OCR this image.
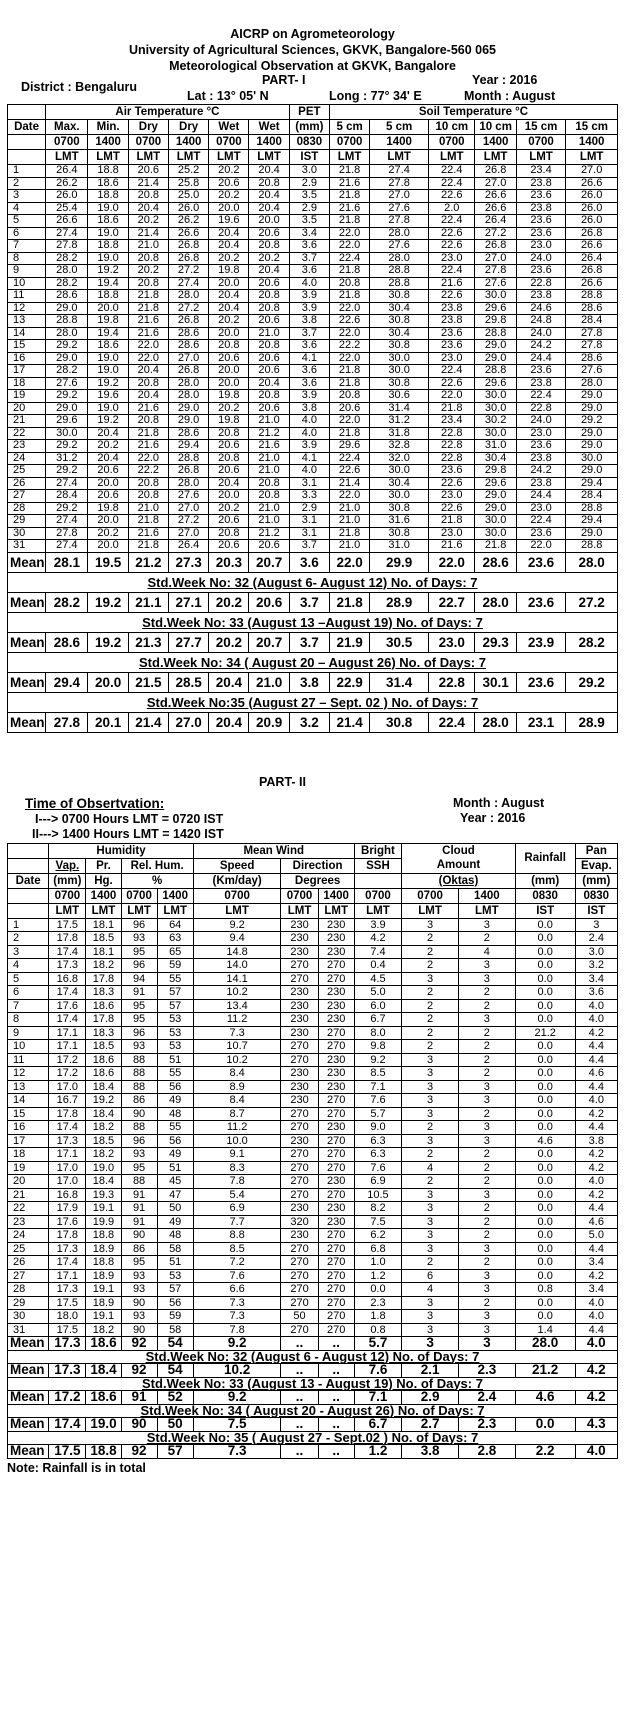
AICRP on Agrometeorology
University of Agricultural Sciences, GKVK, Bangalore-560 065
Meteorological Observation at GKVK, Bangalore
District : Bengaluru	PART- I	Year : 2016
Lat : 13° 05' N	Long : 77° 34' E	Month : August
	Air Temperature °C						PET	Soil Temperature °C					
Date	Max.	Min.	Dry	Dry	Wet	Wet	(mm)	5 cm	5 cm	10 cm	10 cm	15 cm	15 cm
	0700	1400	0700	1400	0700	1400	0830	0700	1400	0700	1400	0700	1400
	LMT	LMT	LMT	LMT	LMT	LMT	IST	LMT	LMT	LMT	LMT	LMT	LMT
1	26.4	18.8	20.6	25.2	20.2	20.4	3.0	21.8	27.4	22.4	26.8	23.4	27.0
2	26.2	18.6	21.4	25.8	20.6	20.8	2.9	21.6	27.8	22.4	27.0	23.8	26.6
3	26.0	18.8	20.8	25.0	20.2	20.4	3.5	21.8	27.0	22.6	26.6	23.6	26.0
4	25.4	19.0	20.4	26.0	20.0	20.4	2.9	21.6	27.6	2.0	26.6	23.8	26.0
5	26.6	18.6	20.2	26.2	19.6	20.0	3.5	21.8	27.8	22.4	26.4	23.6	26.0
6	27.4	19.0	21.4	26.6	20.4	20.6	3.4	22.0	28.0	22.6	27.2	23.6	26.8
7	27.8	18.8	21.0	26.8	20.4	20.8	3.6	22.0	27.6	22.6	26.8	23.0	26.6
8	28.2	19.0	20.8	26.8	20.2	20.2	3.7	22.4	28.0	23.0	27.0	24.0	26.4
9	28.0	19.2	20.2	27.2	19.8	20.4	3.6	21.8	28.8	22.4	27.8	23.6	26.8
10	28.2	19.4	20.8	27.4	20.0	20.6	4.0	20.8	28.8	21.6	27.6	22.8	26.6
11	28.6	18.8	21.8	28.0	20.4	20.8	3.9	21.8	30.8	22.6	30.0	23.8	28.8
12	29.0	20.0	21.8	27.2	20.4	20.8	3.9	22.0	30.4	23.8	29.6	24.6	28.6
13	28.8	19.8	21.6	26.8	20.2	20.6	3.8	22.6	30.8	23.8	29.8	24.8	28.4
14	28.0	19.4	21.6	28.6	20.0	21.0	3.7	22.0	30.4	23.6	28.8	24.0	27.8
15	29.2	18.6	22.0	28.6	20.8	20.8	3.6	22.2	30.8	23.6	29.0	24.2	27.8
16	29.0	19.0	22.0	27.0	20.6	20.6	4.1	22.0	30.0	23.0	29.0	24.4	28.6
17	28.2	19.0	20.4	26.8	20.0	20.6	3.6	21.8	30.0	22.4	28.8	23.6	27.6
18	27.6	19.2	20.8	28.0	20.0	20.4	3.6	21.8	30.8	22.6	29.6	23.8	28.0
19	29.2	19.6	20.4	28.0	19.8	20.8	3.9	20.8	30.6	22.0	30.0	22.4	29.0
20	29.0	19.0	21.6	29.0	20.2	20.6	3.8	20.6	31.4	21.8	30.0	22.8	29.0
21	29.6	19.2	20.8	29.0	19.8	21.0	4.0	22.0	31.2	23.4	30.2	24.0	29.2
22	30.0	20.4	21.8	28.6	20.8	21.2	4.0	21.8	31.8	22.8	30.0	23.0	29.0
23	29.2	20.2	21.6	29.4	20.6	21.6	3.9	29.6	32.8	22.8	31.0	23.6	29.0
24	31.2	20.4	22.0	28.8	20.8	21.0	4.1	22.4	32.0	22.8	30.4	23.8	30.0
25	29.2	20.6	22.2	26.8	20.6	21.0	4.0	22.6	30.0	23.6	29.8	24.2	29.0
26	27.4	20.0	20.8	28.0	20.4	20.8	3.1	21.4	30.4	22.6	29.6	23.8	29.4
27	28.4	20.6	20.8	27.6	20.0	20.8	3.3	22.0	30.0	23.0	29.0	24.4	28.4
28	29.2	19.8	21.0	27.0	20.2	21.0	2.9	21.0	30.8	22.6	29.0	23.0	28.8
29	27.4	20.0	21.8	27.2	20.6	21.0	3.1	21.0	31.6	21.8	30.0	22.4	29.4
30	27.8	20.2	21.6	27.0	20.8	21.2	3.1	21.8	30.8	23.0	30.0	23.6	29.0
31	27.4	20.0	21.8	26.4	20.6	20.6	3.7	21.0	31.0	21.6	21.8	22.0	28.8
Mean	28.1	19.5	21.2	27.3	20.3	20.7	3.6	22.0	29.9	22.0	28.6	23.6	28.0
Std.Week No: 32 (August 6- August 12) No. of Days: 7													
Mean	28.2	19.2	21.1	27.1	20.2	20.6	3.7	21.8	28.9	22.7	28.0	23.6	27.2
Std.Week No: 33 (August 13 –August 19) No. of Days: 7													
Mean	28.6	19.2	21.3	27.7	20.2	20.7	3.7	21.9	30.5	23.0	29.3	23.9	28.2
Std.Week No: 34 ( August 20 – August 26) No. of Days: 7													
Mean	29.4	20.0	21.5	28.5	20.4	21.0	3.8	22.9	31.4	22.8	30.1	23.6	29.2
Std.Week No:35 (August 27 – Sept. 02 ) No. of Days: 7													
Mean	27.8	20.1	21.4	27.0	20.4	20.9	3.2	21.4	30.8	22.4	28.0	23.1	28.9
PART- II
Time of Obsertvation:
I---> 0700 Hours LMT = 0720 IST
II---> 1400 Hours LMT = 1420 IST
Month : August
Year : 2016
	Humidity				Mean Wind			Bright	Cloud
Amount		Rainfall	Pan
	Vap.	Pr.	Rel. Hum.		Speed	Direction		SSH				Evap.
Date	(mm)	Hg.	%		(Km/day)	Degrees			(Oktas)		(mm)	(mm)
	0700	1400	0700	1400	0700	0700	1400	0700	0700	1400	0830	0830
	LMT	LMT	LMT	LMT	LMT	LMT	LMT	LMT	LMT	LMT	IST	IST
1	17.5	18.1	96	64	9.2	230	230	3.9	3	3	0.0	3
2	17.8	18.5	93	63	9.4	230	230	4.2	2	2	0.0	2.4
3	17.4	18.1	95	65	14.8	230	230	7.4	2	4	0.0	3.0
4	17.3	18.2	96	59	14.0	270	270	0.4	2	3	0.0	3.2
5	16.8	17.8	94	55	14.1	270	270	4.5	3	3	0.0	3.4
6	17.4	18.3	91	57	10.2	230	230	5.0	2	2	0.0	3.6
7	17.6	18.6	95	57	13.4	230	230	6.0	2	2	0.0	4.0
8	17.4	17.8	95	53	11.2	230	230	6.7	2	3	0.0	4.0
9	17.1	18.3	96	53	7.3	230	270	8.0	2	2	21.2	4.2
10	17.1	18.5	93	53	10.7	270	270	9.8	2	2	0.0	4.4
11	17.2	18.6	88	51	10.2	270	230	9.2	3	2	0.0	4.4
12	17.2	18.6	88	55	8.4	230	230	8.5	3	2	0.0	4.6
13	17.0	18.4	88	56	8.9	230	230	7.1	3	3	0.0	4.4
14	16.7	19.2	86	49	8.4	230	270	7.6	3	3	0.0	4.0
15	17.8	18.4	90	48	8.7	270	270	5.7	3	2	0.0	4.2
16	17.4	18.2	88	55	11.2	270	230	9.0	2	3	0.0	4.4
17	17.3	18.5	96	56	10.0	230	270	6.3	3	3	4.6	3.8
18	17.1	18.2	93	49	9.1	270	270	6.3	2	2	0.0	4.2
19	17.0	19.0	95	51	8.3	270	270	7.6	4	2	0.0	4.2
20	17.0	18.4	88	45	7.8	270	230	6.9	2	2	0.0	4.0
21	16.8	19.3	91	47	5.4	270	270	10.5	3	3	0.0	4.2
22	17.9	19.1	91	50	6.9	230	230	8.2	3	2	0.0	4.4
23	17.6	19.9	91	49	7.7	320	230	7.5	3	2	0.0	4.6
24	17.8	18.8	90	48	8.8	230	270	6.2	3	2	0.0	5.0
25	17.3	18.9	86	58	8.5	270	270	6.8	3	3	0.0	4.4
26	17.4	18.8	95	51	7.2	270	270	1.0	2	2	0.0	3.4
27	17.1	18.9	93	53	7.6	270	270	1.2	6	3	0.0	4.2
28	17.3	19.1	93	57	6.6	270	270	0.0	4	3	0.8	3.4
29	17.5	18.9	90	56	7.3	270	270	2.3	3	2	0.0	4.0
30	18.0	19.1	93	59	7.3	50	270	1.8	3	3	0.0	4.0
31	17.5	18.2	90	58	7.8	270	270	0.8	3	3	1.4	4.4
Mean	17.3	18.6	92	54	9.2	..	..	5.7	3	3	28.0	4.0
Std.Week No: 32 (August 6 - August 12) No. of Days: 7												
Mean	17.3	18.4	92	54	10.2	..	..	7.6	2.1	2.3	21.2	4.2
Std.Week No: 33 (August 13 - August 19) No. of Days: 7												
Mean	17.2	18.6	91	52	9.2	..	..	7.1	2.9	2.4	4.6	4.2
Std.Week No: 34 ( August 20 - August 26) No. of Days: 7												
Mean	17.4	19.0	90	50	7.5	..	..	6.7	2.7	2.3	0.0	4.3
Std.Week No: 35 ( August 27 - Sept.02 ) No. of Days: 7												
Mean	17.5	18.8	92	57	7.3	..	..	1.2	3.8	2.8	2.2	4.0
Note: Rainfall is in total
